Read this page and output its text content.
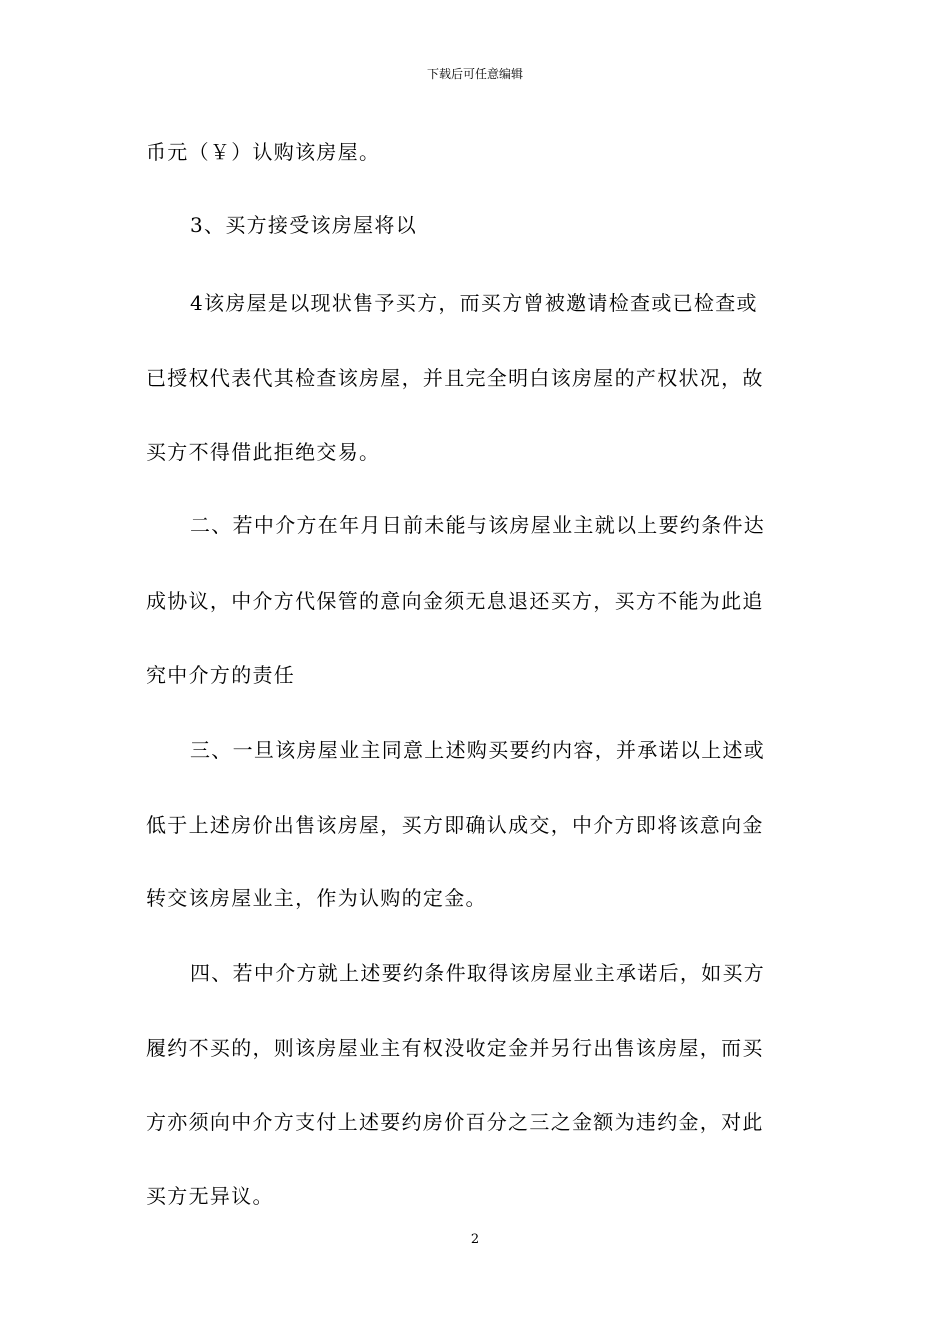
下载后可任意编辑
币元（￥）认购该房屋。
3、买方接受该房屋将以
4该房屋是以现状售予买方，而买方曾被邀请检查或已检查或
已授权代表代其检查该房屋，并且完全明白该房屋的产权状况，故
买方不得借此拒绝交易。
二、若中介方在年月日前未能与该房屋业主就以上要约条件达
成协议，中介方代保管的意向金须无息退还买方，买方不能为此追
究中介方的责任
三、一旦该房屋业主同意上述购买要约内容，并承诺以上述或
低于上述房价出售该房屋，买方即确认成交，中介方即将该意向金
转交该房屋业主，作为认购的定金。
四、若中介方就上述要约条件取得该房屋业主承诺后，如买方
履约不买的，则该房屋业主有权没收定金并另行出售该房屋，而买
方亦须向中介方支付上述要约房价百分之三之金额为违约金，对此
买方无异议。
2
